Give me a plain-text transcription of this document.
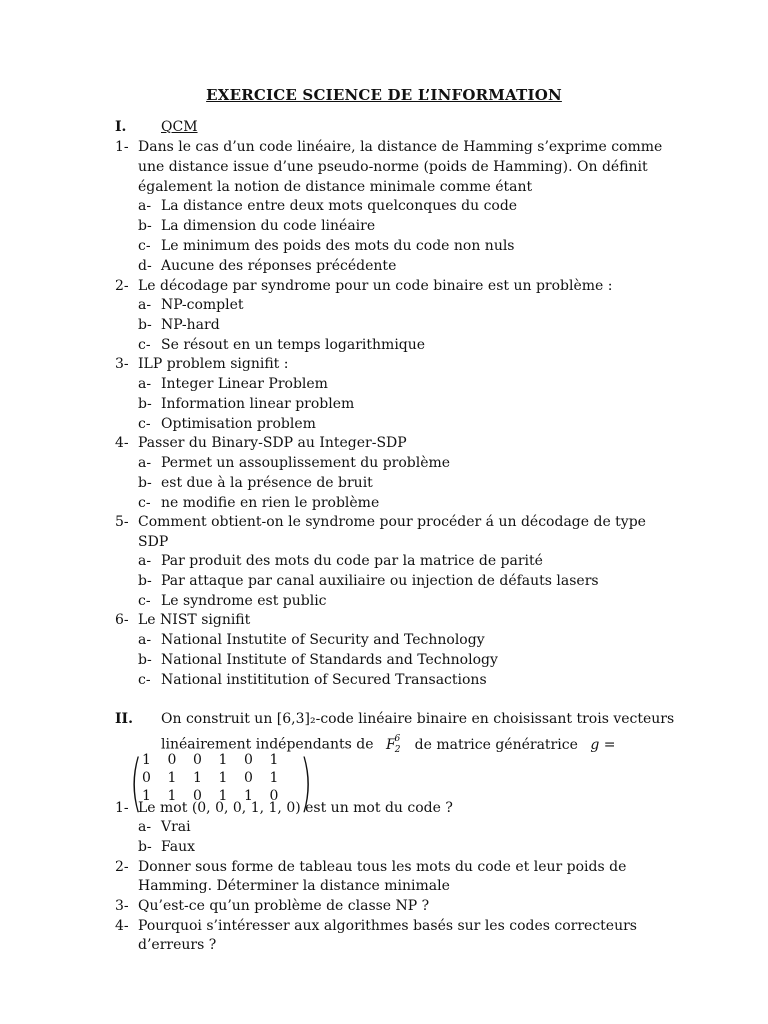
EXERCICE SCIENCE DE L’INFORMATION
I. QCM
1- Dans le cas d’un code linéaire, la distance de Hamming s’exprime comme
une distance issue d’une pseudo-norme (poids de Hamming). On définit
également la notion de distance minimale comme étant
a- La distance entre deux mots quelconques du code
b- La dimension du code linéaire
c- Le minimum des poids des mots du code non nuls
d- Aucune des réponses précédente
2- Le décodage par syndrome pour un code binaire est un problème :
a- NP-complet
b- NP-hard
c- Se résout en un temps logarithmique
3- ILP problem signifit :
a- Integer Linear Problem
b- Information linear problem
c- Optimisation problem
4- Passer du Binary-SDP au Integer-SDP
a- Permet un assouplissement du problème
b- est due à la présence de bruit
c- ne modifie en rien le problème
5- Comment obtient-on le syndrome pour procéder á un décodage de type
SDP
a- Par produit des mots du code par la matrice de parité
b- Par attaque par canal auxiliaire ou injection de défauts lasers
c- Le syndrome est public
6- Le NIST signifit
a- National Instutite of Security and Technology
b- National Institute of Standards and Technology
c- National instititution of Secured Transactions
II. On construit un [6,3]₂-code linéaire binaire en choisissant trois vecteurs
linéairement indépendants de $F_2^6$ de matrice génératrice g =
(	)
1 0 0 1 0 1
0 1 1 1 0 1
1 1 0 1 1 0
1- Le mot (0, 0, 0, 1, 1, 0) est un mot du code ?
a- Vrai
b- Faux
2- Donner sous forme de tableau tous les mots du code et leur poids de
Hamming. Déterminer la distance minimale
3- Qu’est-ce qu’un problème de classe NP ?
4- Pourquoi s’intéresser aux algorithmes basés sur les codes correcteurs
d’erreurs ?
